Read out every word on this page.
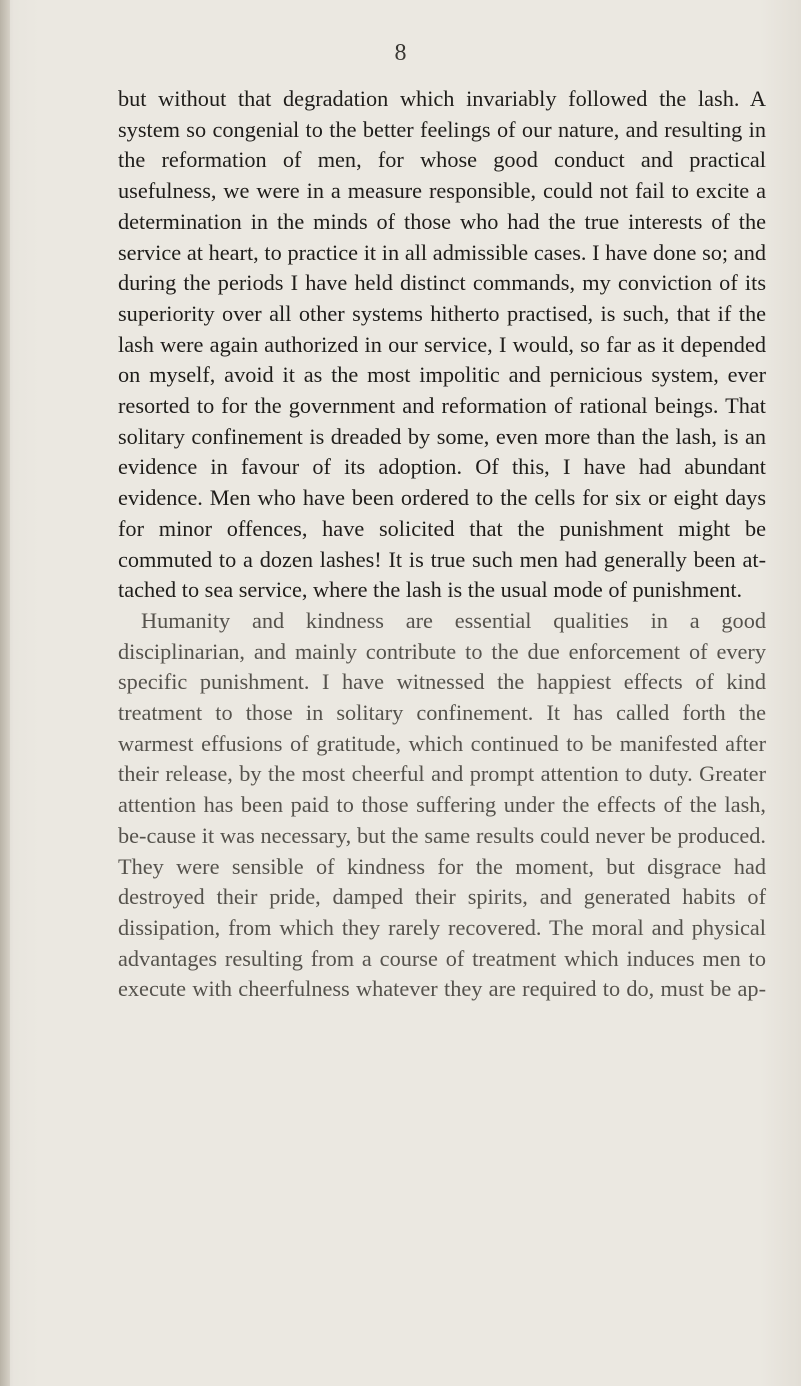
8

but without that degradation which invariably followed the lash. A system so congenial to the better feelings of our nature, and resulting in the reformation of men, for whose good conduct and practical usefulness, we were in a measure responsible, could not fail to excite a determination in the minds of those who had the true interests of the service at heart, to practice it in all admissible cases. I have done so; and during the periods I have held distinct commands, my conviction of its superiority over all other systems hitherto practised, is such, that if the lash were again authorized in our service, I would, so far as it depended on myself, avoid it as the most impolitic and pernicious system, ever resorted to for the government and reformation of rational beings. That solitary confinement is dreaded by some, even more than the lash, is an evidence in favour of its adoption. Of this, I have had abundant evidence. Men who have been ordered to the cells for six or eight days for minor offences, have solicited that the punishment might be commuted to a dozen lashes! It is true such men had generally been at-tached to sea service, where the lash is the usual mode of punishment.

Humanity and kindness are essential qualities in a good disciplinarian, and mainly contribute to the due enforcement of every specific punishment. I have witnessed the happiest effects of kind treatment to those in solitary confinement. It has called forth the warmest effusions of gratitude, which continued to be manifested after their release, by the most cheerful and prompt attention to duty. Greater attention has been paid to those suffering under the effects of the lash, be-cause it was necessary, but the same results could never be produced. They were sensible of kindness for the moment, but disgrace had destroyed their pride, damped their spirits, and generated habits of dissipation, from which they rarely recovered. The moral and physical advantages resulting from a course of treatment which induces men to execute with cheerfulness whatever they are required to do, must be ap-
